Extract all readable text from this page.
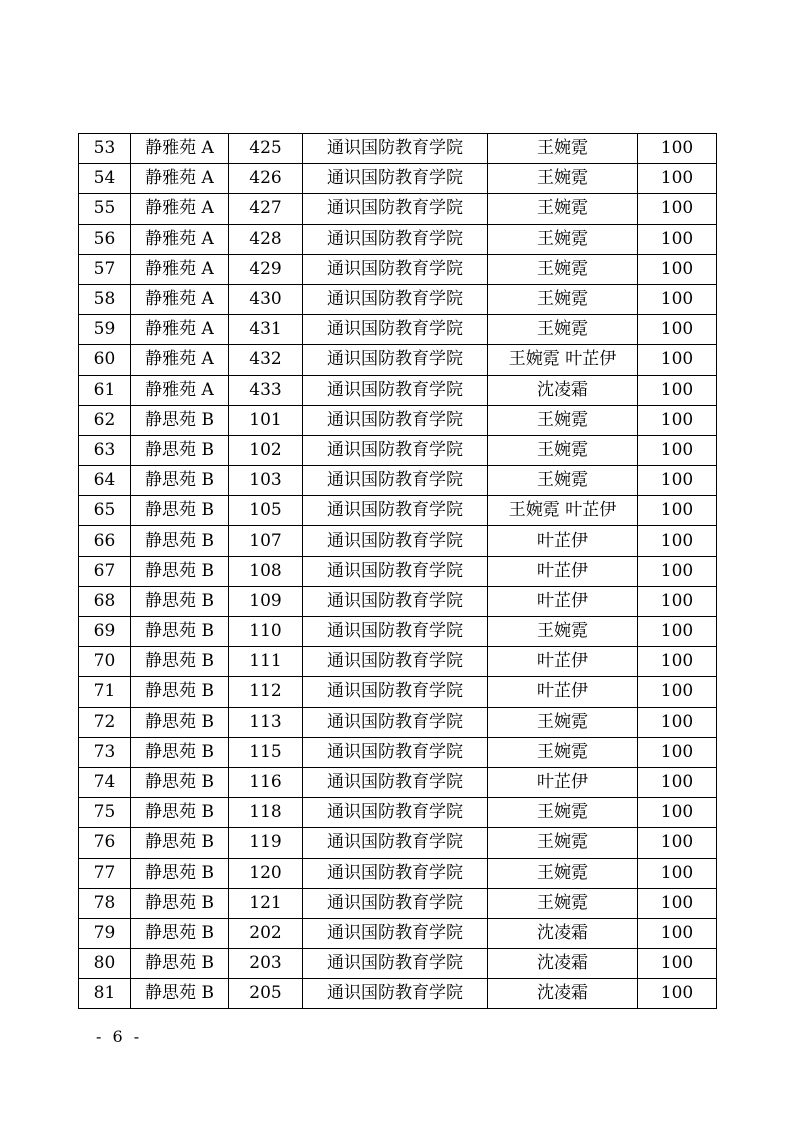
53	静雅苑 A	425	通识国防教育学院	王婉霓	100
54	静雅苑 A	426	通识国防教育学院	王婉霓	100
55	静雅苑 A	427	通识国防教育学院	王婉霓	100
56	静雅苑 A	428	通识国防教育学院	王婉霓	100
57	静雅苑 A	429	通识国防教育学院	王婉霓	100
58	静雅苑 A	430	通识国防教育学院	王婉霓	100
59	静雅苑 A	431	通识国防教育学院	王婉霓	100
60	静雅苑 A	432	通识国防教育学院	王婉霓 叶芷伊	100
61	静雅苑 A	433	通识国防教育学院	沈凌霜	100
62	静思苑 B	101	通识国防教育学院	王婉霓	100
63	静思苑 B	102	通识国防教育学院	王婉霓	100
64	静思苑 B	103	通识国防教育学院	王婉霓	100
65	静思苑 B	105	通识国防教育学院	王婉霓 叶芷伊	100
66	静思苑 B	107	通识国防教育学院	叶芷伊	100
67	静思苑 B	108	通识国防教育学院	叶芷伊	100
68	静思苑 B	109	通识国防教育学院	叶芷伊	100
69	静思苑 B	110	通识国防教育学院	王婉霓	100
70	静思苑 B	111	通识国防教育学院	叶芷伊	100
71	静思苑 B	112	通识国防教育学院	叶芷伊	100
72	静思苑 B	113	通识国防教育学院	王婉霓	100
73	静思苑 B	115	通识国防教育学院	王婉霓	100
74	静思苑 B	116	通识国防教育学院	叶芷伊	100
75	静思苑 B	118	通识国防教育学院	王婉霓	100
76	静思苑 B	119	通识国防教育学院	王婉霓	100
77	静思苑 B	120	通识国防教育学院	王婉霓	100
78	静思苑 B	121	通识国防教育学院	王婉霓	100
79	静思苑 B	202	通识国防教育学院	沈凌霜	100
80	静思苑 B	203	通识国防教育学院	沈凌霜	100
81	静思苑 B	205	通识国防教育学院	沈凌霜	100
- 6 -
